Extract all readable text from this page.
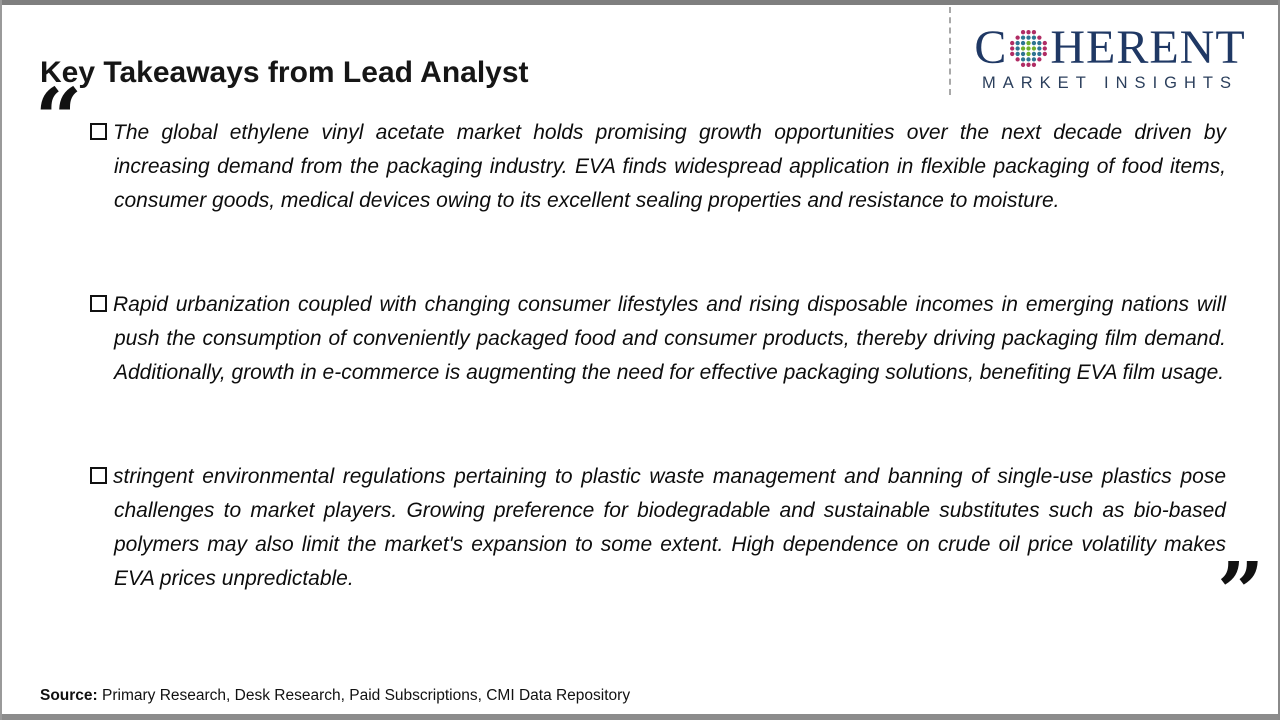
Key Takeaways from Lead Analyst	C HERENT
MARKET INSIGHTS
“	The global ethylene vinyl acetate market holds promising growth opportunities over the next decade driven by increasing demand from the packaging industry. EVA finds widespread application in flexible packaging of food items, consumer goods, medical devices owing to its excellent sealing properties and resistance to moisture.
Rapid urbanization coupled with changing consumer lifestyles and rising disposable incomes in emerging nations will push the consumption of conveniently packaged food and consumer products, thereby driving packaging film demand. Additionally, growth in e-commerce is augmenting the need for effective packaging solutions, benefiting EVA film usage.
stringent environmental regulations pertaining to plastic waste management and banning of single-use plastics pose challenges to market players. Growing preference for biodegradable and sustainable substitutes such as bio-based polymers may also limit the market's expansion to some extent. High dependence on crude oil price volatility makes EVA prices unpredictable.	”
Source: Primary Research, Desk Research, Paid Subscriptions, CMI Data Repository
